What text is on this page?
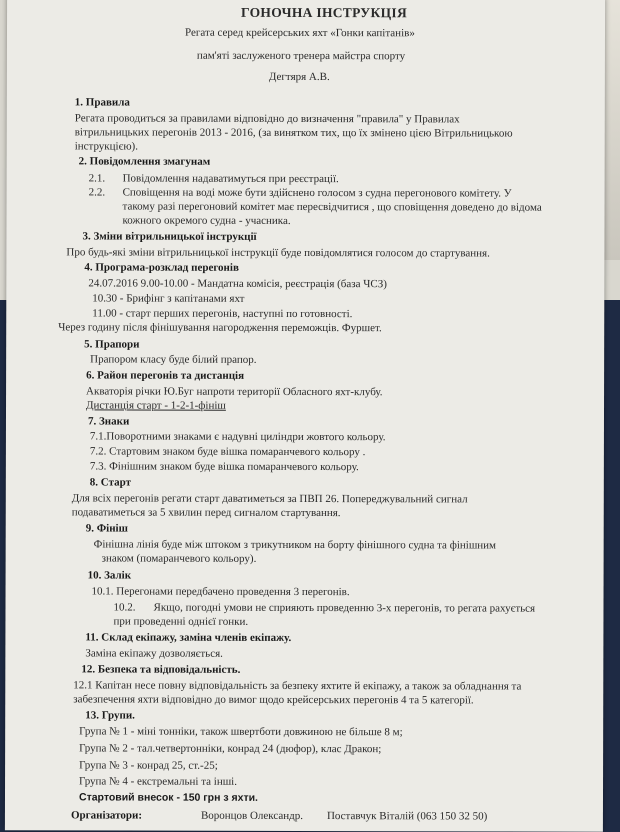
ГОНОЧНА ІНСТРУКЦІЯ
Регата серед крейсерських яхт «Гонки капітанів»
пам'яті заслуженого тренера майстра спорту
Дегтяря А.В.
1. Правила
Регата проводиться за правилами відповідно до визначення "правила" у Правилах
вітрильницьких перегонів 2013 - 2016, (за винятком тих, що їх змінено цією Вітрильницькою
інструкцією).
2. Повідомлення змагунам
2.1. Повідомлення надаватимуться при реєстрації.
2.2. Сповіщення на воді може бути здійснено голосом з судна перегонового комітету. У
такому разі перегоновий комітет має пересвідчитися , що сповіщення доведено до відома
кожного окремого судна - учасника.
3. Зміни вітрильницької інструкції
Про будь-які зміни вітрильницької інструкції буде повідомлятися голосом до стартування.
4. Програма-розклад перегонів
24.07.2016 9.00-10.00 - Мандатна комісія, реєстрація (база ЧСЗ)
10.30 - Брифінг з капітанами яхт
11.00 - старт перших перегонів, наступні по готовності.
Через годину після фінішування нагородження переможців. Фуршет.
5. Прапори
Прапором класу буде білий прапор.
6. Район перегонів та дистанція
Акваторія річки Ю.Буг напроти території Обласного яхт-клубу.
Дистанція старт - 1-2-1-фініш
7. Знаки
7.1.Поворотними знаками є надувні циліндри жовтого кольору.
7.2. Стартовим знаком буде вішка помаранчевого кольору .
7.3. Фінішним знаком буде вішка помаранчевого кольору.
8. Старт
Для всіх перегонів регати старт даватиметься за ПВП 26. Попереджувальний сигнал
подаватиметься за 5 хвилин перед сигналом стартування.
9. Фініш
Фінішна лінія буде між штоком з трикутником на борту фінішного судна та фінішним
знаком (помаранчевого кольору).
10. Залік
10.1. Перегонами передбачено проведення 3 перегонів.
10.2. Якщо, погодні умови не сприяють проведенню 3-х перегонів, то регата рахується
при проведенні однієї гонки.
11. Склад екіпажу, заміна членів екіпажу.
Заміна екіпажу дозволяється.
12. Безпека та відповідальність.
12.1 Капітан несе повну відповідальність за безпеку яхтите й екіпажу, а також за обладнання та
забезпечення яхти відповідно до вимог щодо крейсерських перегонів 4 та 5 категорії.
13. Групи.
Група № 1 - міні тонніки, також швертботи довжиною не більше 8 м;
Група № 2 - тал.четвертонніки, конрад 24 (дюфор), клас Дракон;
Група № 3 - конрад 25, ст.-25;
Група № 4 - екстремальні та інші.
Стартовий внесок - 150 грн з яхти.
Організатори:	Воронцов Олександр. Поставчук Віталій (063 150 32 50)
